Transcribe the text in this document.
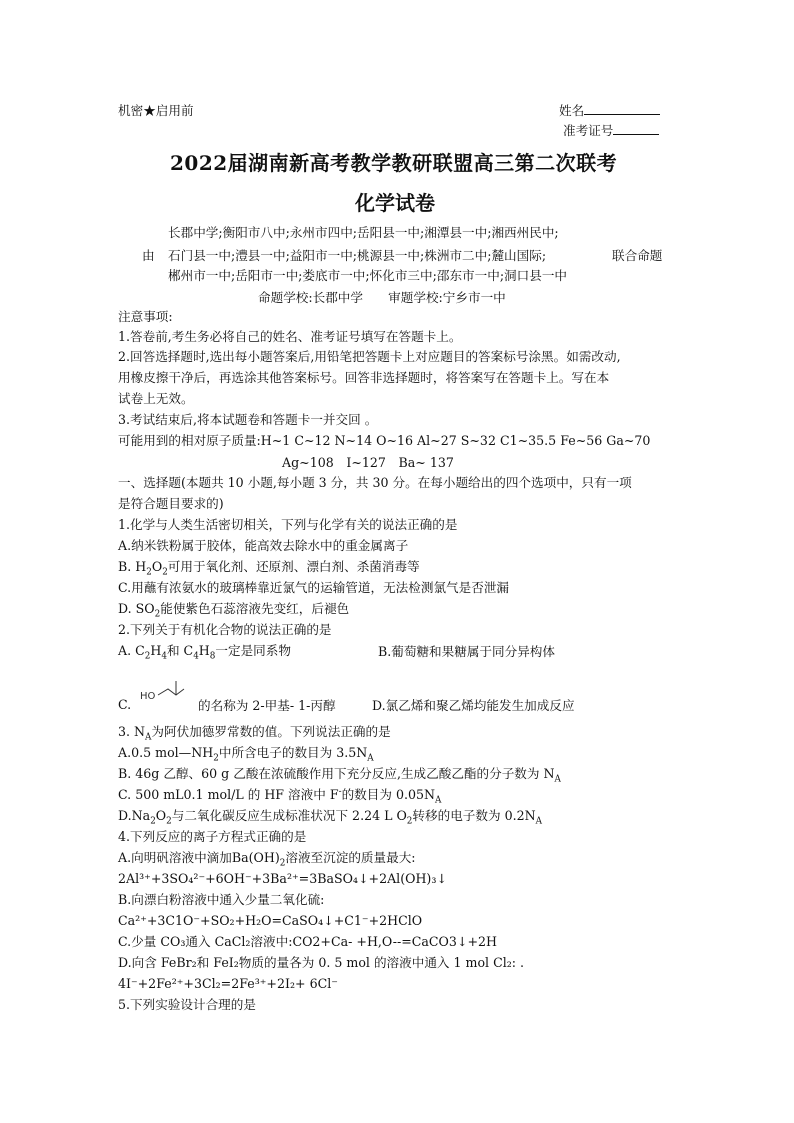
机密★启用前	姓名
准考证号
2022届湖南新高考教学教研联盟高三第二次联考
化学试卷
长郡中学;衡阳市八中;永州市四中;岳阳县一中;湘潭县一中;湘西州民中;
由 石门县一中;澧县一中;益阳市一中;桃源县一中;株洲市二中;麓山国际;	联合命题
郴州市一中;岳阳市一中;娄底市一中;怀化市三中;邵东市一中;洞口县一中
命题学校:长郡中学　　审题学校:宁乡市一中
注意事项:
1.答卷前,考生务必将自己的姓名、准考证号填写在答题卡上。
2.回答选择题时,选出每小题答案后,用铅笔把答题卡上对应题目的答案标号涂黑。如需改动,
用橡皮擦干净后，再选涂其他答案标号。回答非选择题时，将答案写在答题卡上。写在本
试卷上无效。
3.考试结束后,将本试题卷和答题卡一并交回 。
可能用到的相对原子质量:H~1 C~12 N~14 O~16 Al~27 S~32 C1~35.5 Fe~56 Ga~70
Ag~108　I~127　Ba~ 137
一、选择题(本题共 10 小题,每小题 3 分，共 30 分。在每小题给出的四个选项中，只有一项
是符合题目要求的)
1.化学与人类生活密切相关，下列与化学有关的说法正确的是
A.纳米铁粉属于胶体，能高效去除水中的重金属离子
B. $H_2O_2$可用于氧化剂、还原剂、漂白剂、杀菌消毒等
C.用蘸有浓氨水的玻璃棒靠近氯气的运输管道，无法检测氯气是否泄漏
D. $SO_2$能使紫色石蕊溶液先变红，后褪色
2.下列关于有机化合物的说法正确的是
A. $C_2H_4$和 $C_4H_8$一定是同系物	B.葡萄糖和果糖属于同分异构体
HO
C.	的名称为 2-甲基- 1-丙醇	D.氯乙烯和聚乙烯均能发生加成反应
3. $N_A$为阿伏加德罗常数的值。下列说法正确的是
A.0.5 $mol—NH_2$中所含电子的数目为 $3.5N_A$
B. 46g 乙醇、60 g 乙酸在浓硫酸作用下充分反应,生成乙酸乙酯的分子数为 $N_A$
C. 500 mL0.1 mol/L 的 HF 溶液中 F-的数目为 $0.05N_A$
$D.Na_2O_2$与二氧化碳反应生成标准状况下 2.24 L $O_2$转移的电子数为 $0.2N_A$
4.下列反应的离子方程式正确的是
A.向明矾溶液中滴加$Ba(OH)_2$溶液至沉淀的质量最大:
2Al³⁺+3SO₄²⁻+6OH⁻+3Ba²⁺=3BaSO₄↓+2Al(OH)₃↓
B.向漂白粉溶液中通入少量二氧化硫:
Ca²⁺+3C1O⁻+SO₂+H₂O=CaSO₄↓+C1⁻+2HClO
C.少量 CO₃通入 CaCl₂溶液中:CO2+Ca- +H,O--=CaCO3↓+2H
D.向含 FeBr₂和 FeI₂物质的量各为 0. 5 mol 的溶液中通入 1 mol Cl₂: .
4I⁻+2Fe²⁺+3Cl₂=2Fe³⁺+2I₂+ 6Cl⁻
5.下列实验设计合理的是
